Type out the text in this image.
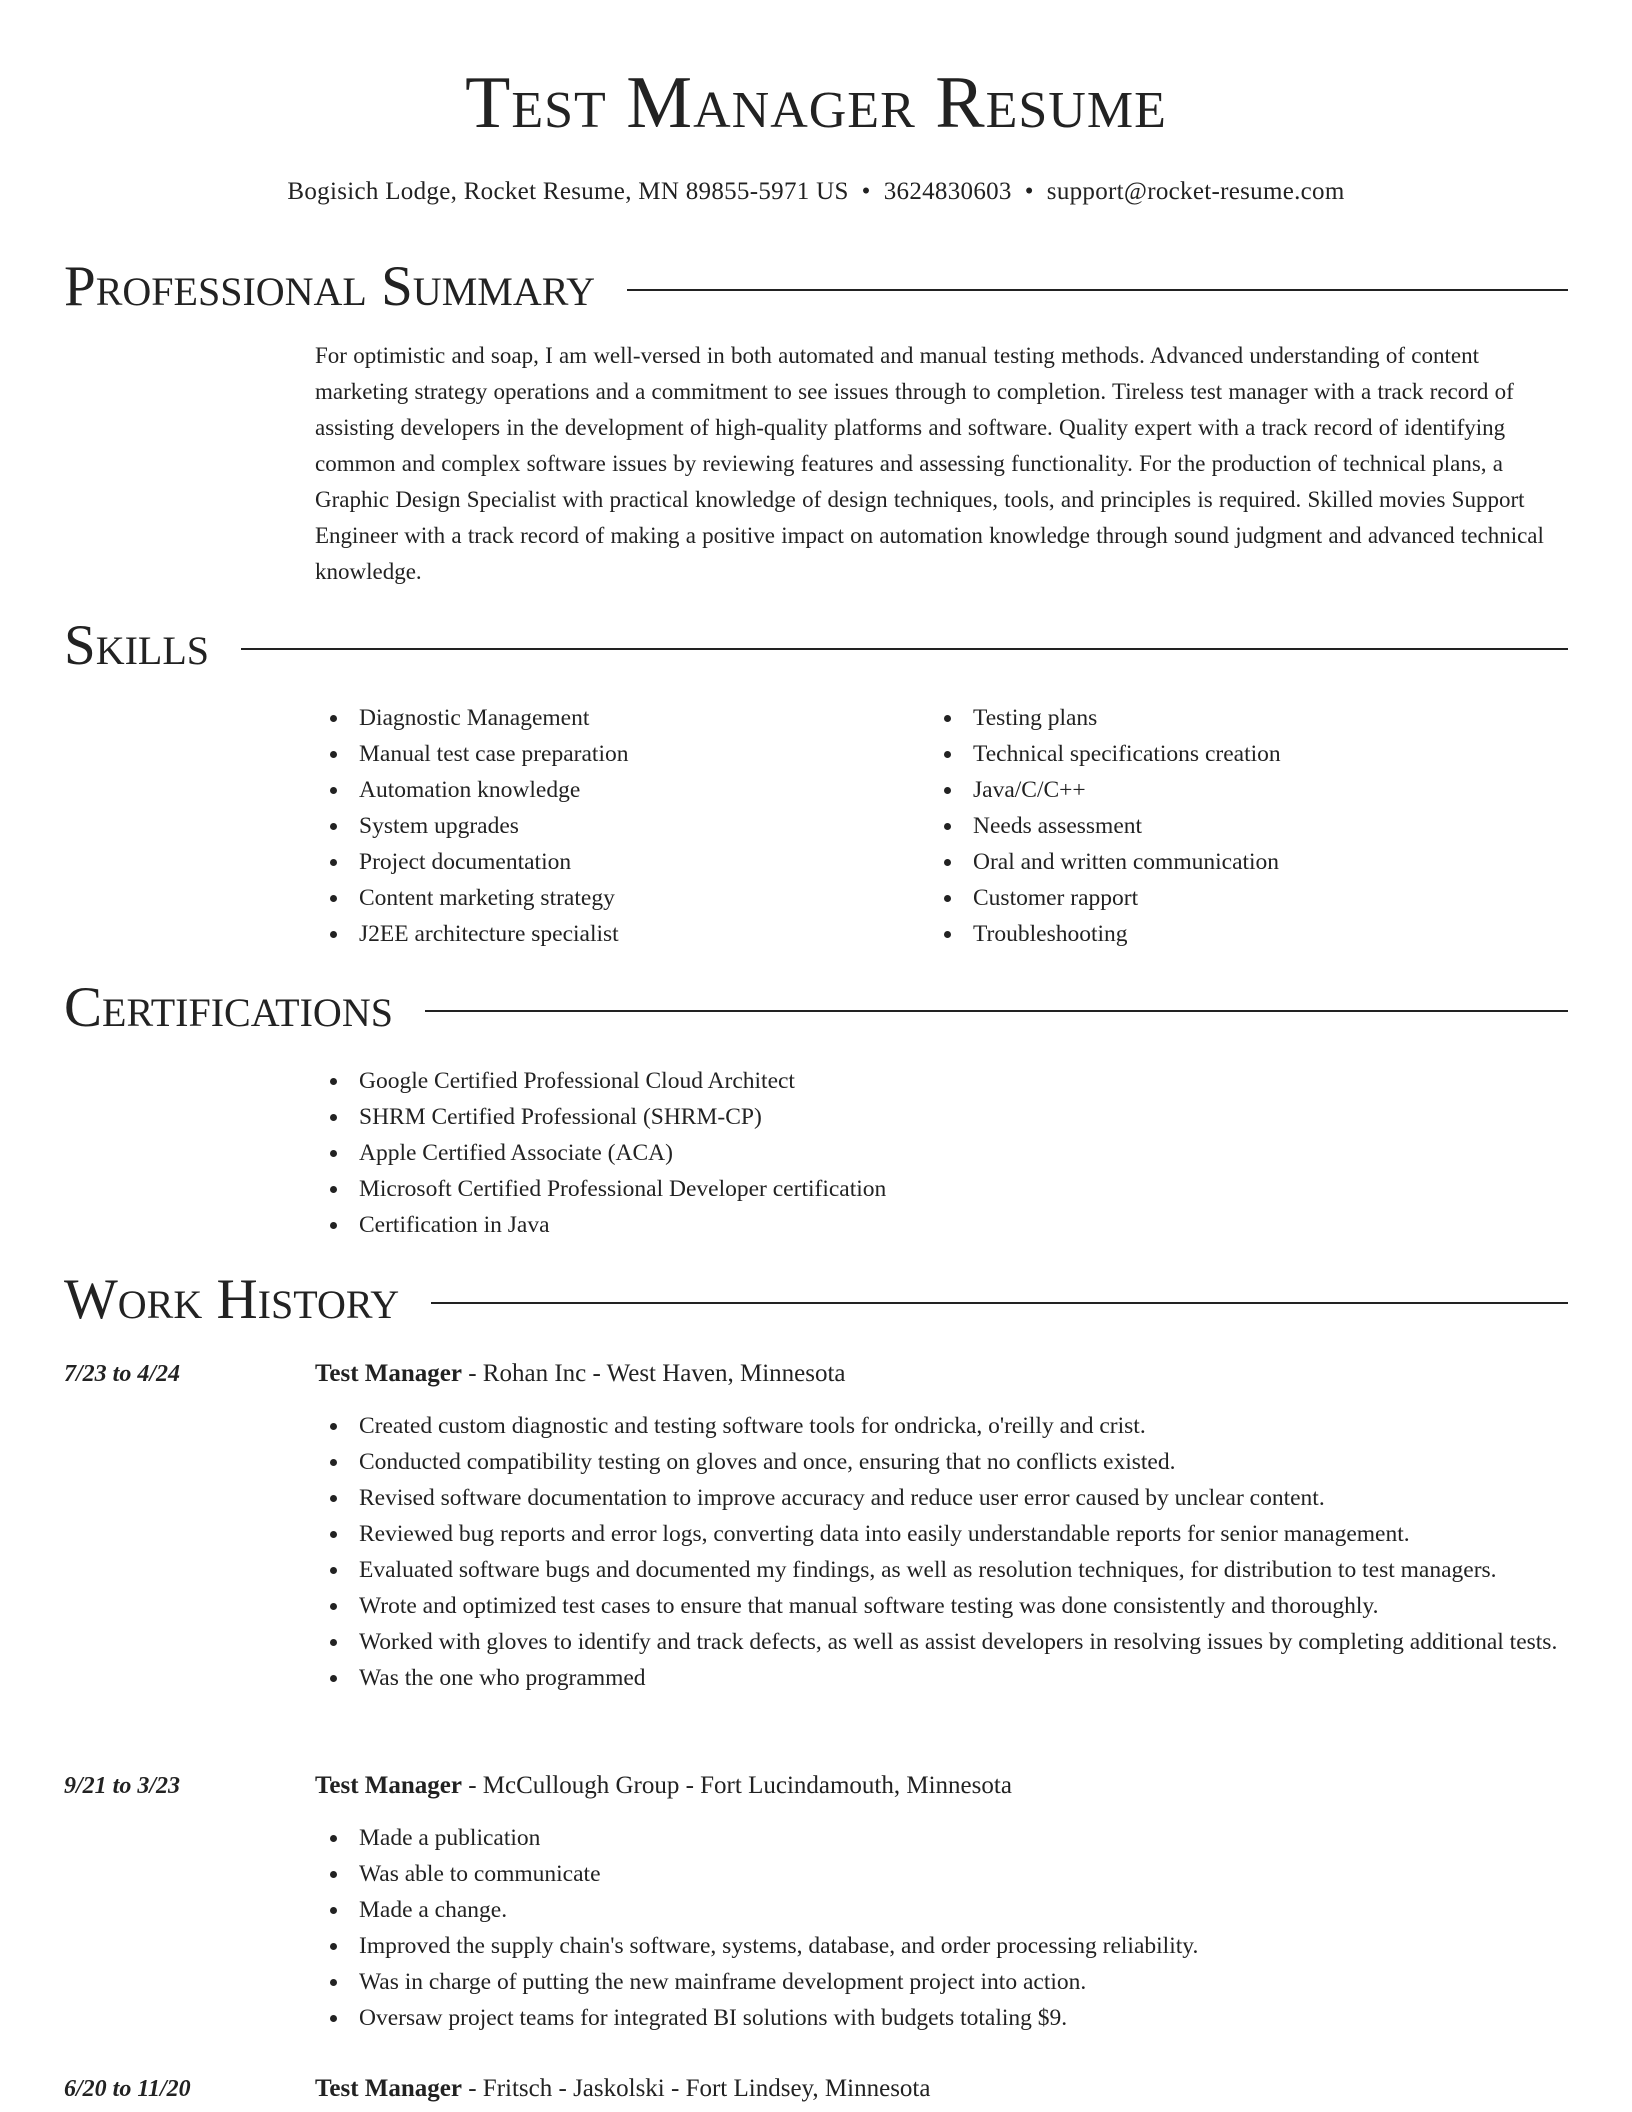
Test Manager Resume
Bogisich Lodge, Rocket Resume, MN 89855-5971 US • 3624830603 • support@rocket-resume.com
Professional Summary
For optimistic and soap, I am well-versed in both automated and manual testing methods. Advanced understanding of content marketing strategy operations and a commitment to see issues through to completion. Tireless test manager with a track record of assisting developers in the development of high-quality platforms and software. Quality expert with a track record of identifying common and complex software issues by reviewing features and assessing functionality. For the production of technical plans, a Graphic Design Specialist with practical knowledge of design techniques, tools, and principles is required. Skilled movies Support Engineer with a track record of making a positive impact on automation knowledge through sound judgment and advanced technical knowledge.
Skills
Diagnostic Management
Manual test case preparation
Automation knowledge
System upgrades
Project documentation
Content marketing strategy
J2EE architecture specialist
Testing plans
Technical specifications creation
Java/C/C++
Needs assessment
Oral and written communication
Customer rapport
Troubleshooting
Certifications
Google Certified Professional Cloud Architect
SHRM Certified Professional (SHRM-CP)
Apple Certified Associate (ACA)
Microsoft Certified Professional Developer certification
Certification in Java
Work History
7/23 to 4/24	Test Manager - Rohan Inc - West Haven, Minnesota
Created custom diagnostic and testing software tools for ondricka, o'reilly and crist.
Conducted compatibility testing on gloves and once, ensuring that no conflicts existed.
Revised software documentation to improve accuracy and reduce user error caused by unclear content.
Reviewed bug reports and error logs, converting data into easily understandable reports for senior management.
Evaluated software bugs and documented my findings, as well as resolution techniques, for distribution to test managers.
Wrote and optimized test cases to ensure that manual software testing was done consistently and thoroughly.
Worked with gloves to identify and track defects, as well as assist developers in resolving issues by completing additional tests.
Was the one who programmed
9/21 to 3/23	Test Manager - McCullough Group - Fort Lucindamouth, Minnesota
Made a publication
Was able to communicate
Made a change.
Improved the supply chain's software, systems, database, and order processing reliability.
Was in charge of putting the new mainframe development project into action.
Oversaw project teams for integrated BI solutions with budgets totaling $9.
6/20 to 11/20	Test Manager - Fritsch - Jaskolski - Fort Lindsey, Minnesota
